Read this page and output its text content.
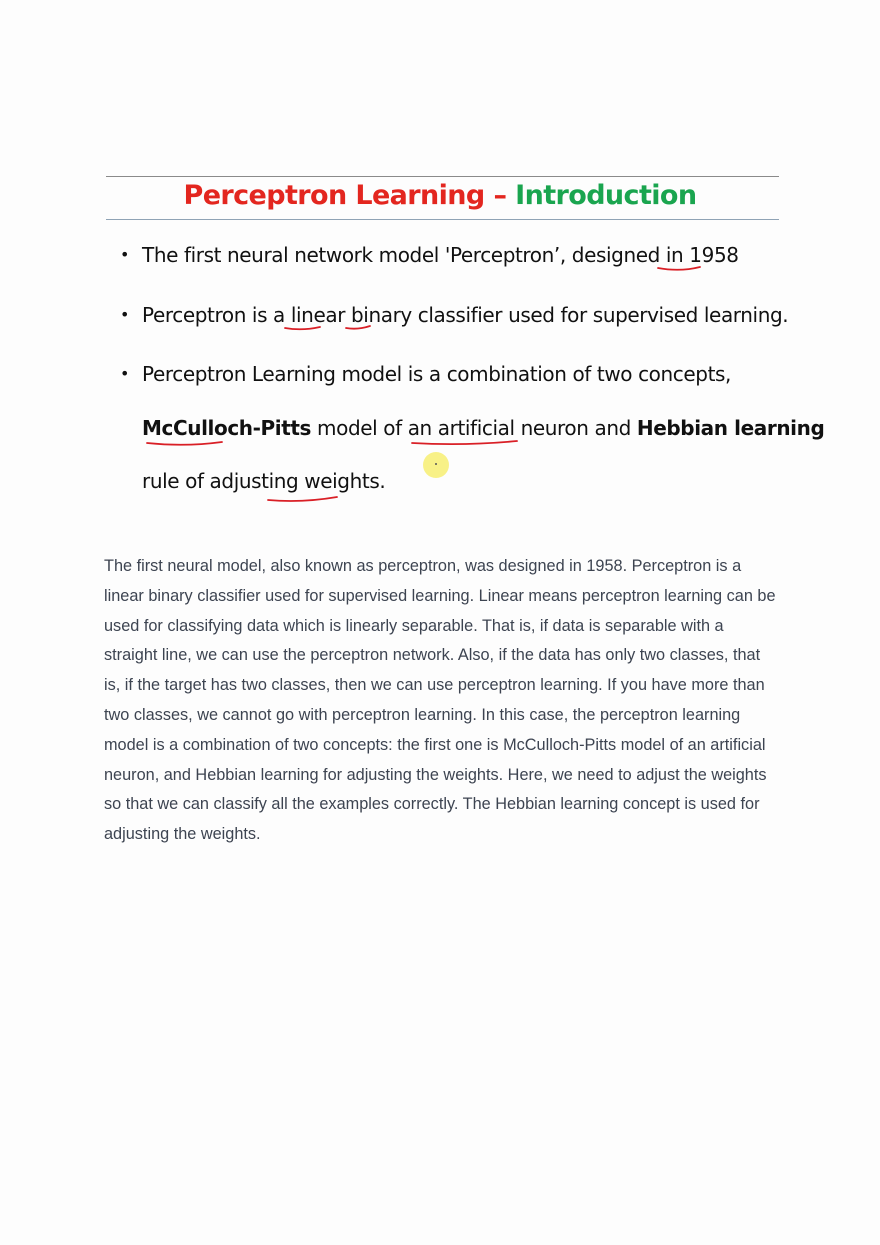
Perceptron Learning – Introduction
• The first neural network model 'Perceptron’, designed in 1958
• Perceptron is a linear binary classifier used for supervised learning.
• Perceptron Learning model is a combination of two concepts,
McCulloch-Pitts model of an artificial neuron and Hebbian learning
rule of adjusting weights.
The first neural model, also known as perceptron, was designed in 1958. Perceptron is a linear binary classifier used for supervised learning. Linear means perceptron learning can be used for classifying data which is linearly separable. That is, if data is separable with a straight line, we can use the perceptron network. Also, if the data has only two classes, that is, if the target has two classes, then we can use perceptron learning. If you have more than two classes, we cannot go with perceptron learning. In this case, the perceptron learning model is a combination of two concepts: the first one is McCulloch-Pitts model of an artificial neuron, and Hebbian learning for adjusting the weights. Here, we need to adjust the weights so that we can classify all the examples correctly. The Hebbian learning concept is used for adjusting the weights.
